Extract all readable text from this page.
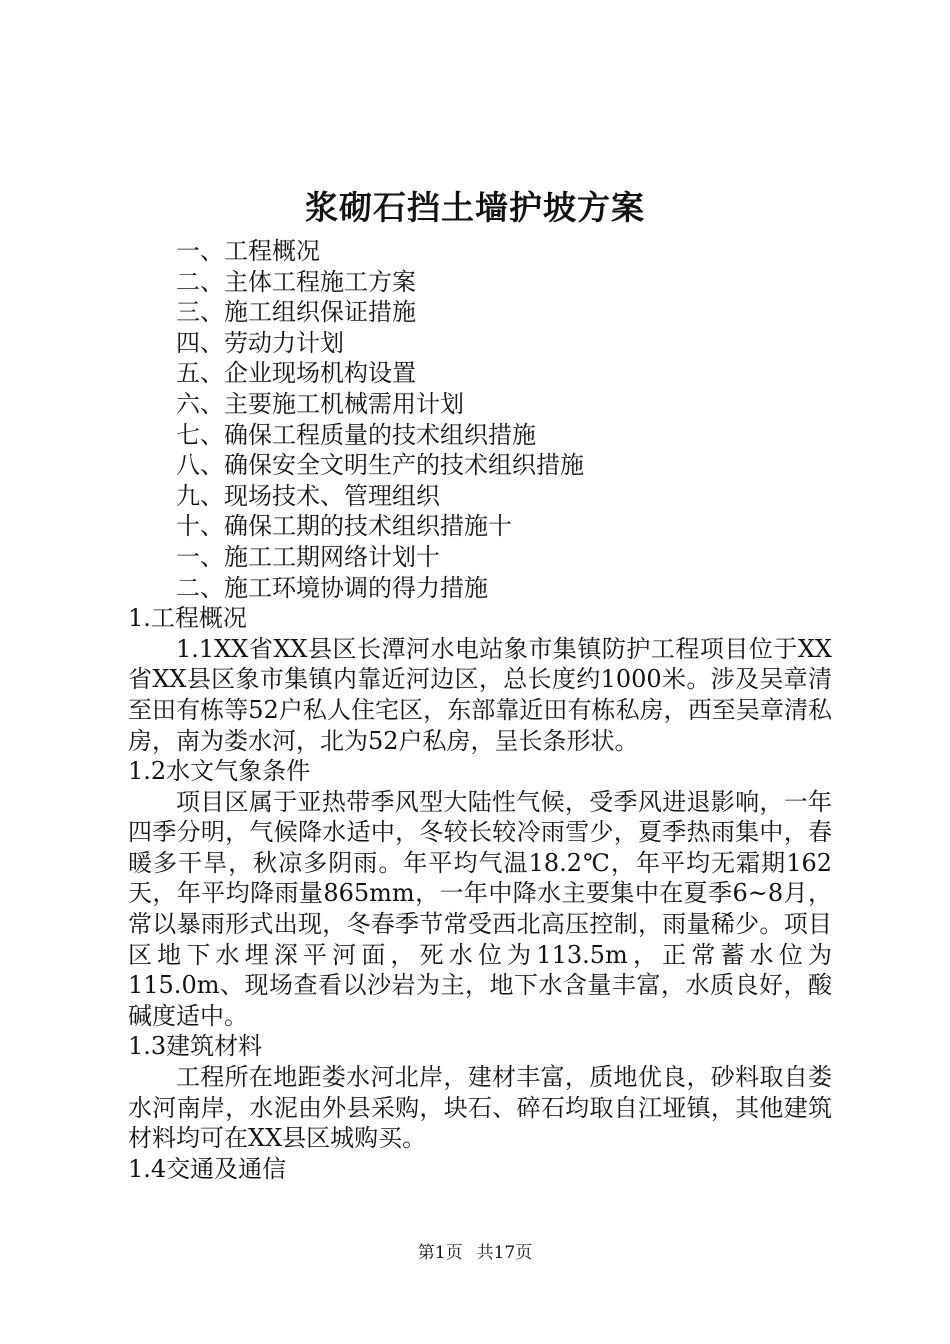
浆砌石挡土墙护坡方案

一、工程概况

二、主体工程施工方案

三、施工组织保证措施

四、劳动力计划

五、企业现场机构设置

六、主要施工机械需用计划

七、确保工程质量的技术组织措施

八、确保安全文明生产的技术组织措施

九、现场技术、管理组织

十、确保工期的技术组织措施十

一、施工工期网络计划十

二、施工环境协调的得力措施

1.工程概况

1.1XX省XX县区长潭河水电站象市集镇防护工程项目位于XX省XX县区象市集镇内靠近河边区，总长度约1000米。涉及吴章清至田有栋等52户私人住宅区，东部靠近田有栋私房，西至吴章清私房，南为娄水河，北为52户私房，呈长条形状。

1.2水文气象条件

项目区属于亚热带季风型大陆性气候，受季风进退影响，一年四季分明，气候降水适中，冬较长较冷雨雪少，夏季热雨集中，春暖多干旱，秋凉多阴雨。年平均气温18.2℃，年平均无霜期162天，年平均降雨量865mm，一年中降水主要集中在夏季6~8月，常以暴雨形式出现，冬春季节常受西北高压控制，雨量稀少。项目区地下水埋深平河面，死水位为113.5m，正常蓄水位为115.0m、现场查看以沙岩为主，地下水含量丰富，水质良好，酸碱度适中。

1.3建筑材料

工程所在地距娄水河北岸，建材丰富，质地优良，砂料取自娄水河南岸，水泥由外县采购，块石、碎石均取自江垭镇，其他建筑材料均可在XX县区城购买。

1.4交通及通信

第1页 共17页
